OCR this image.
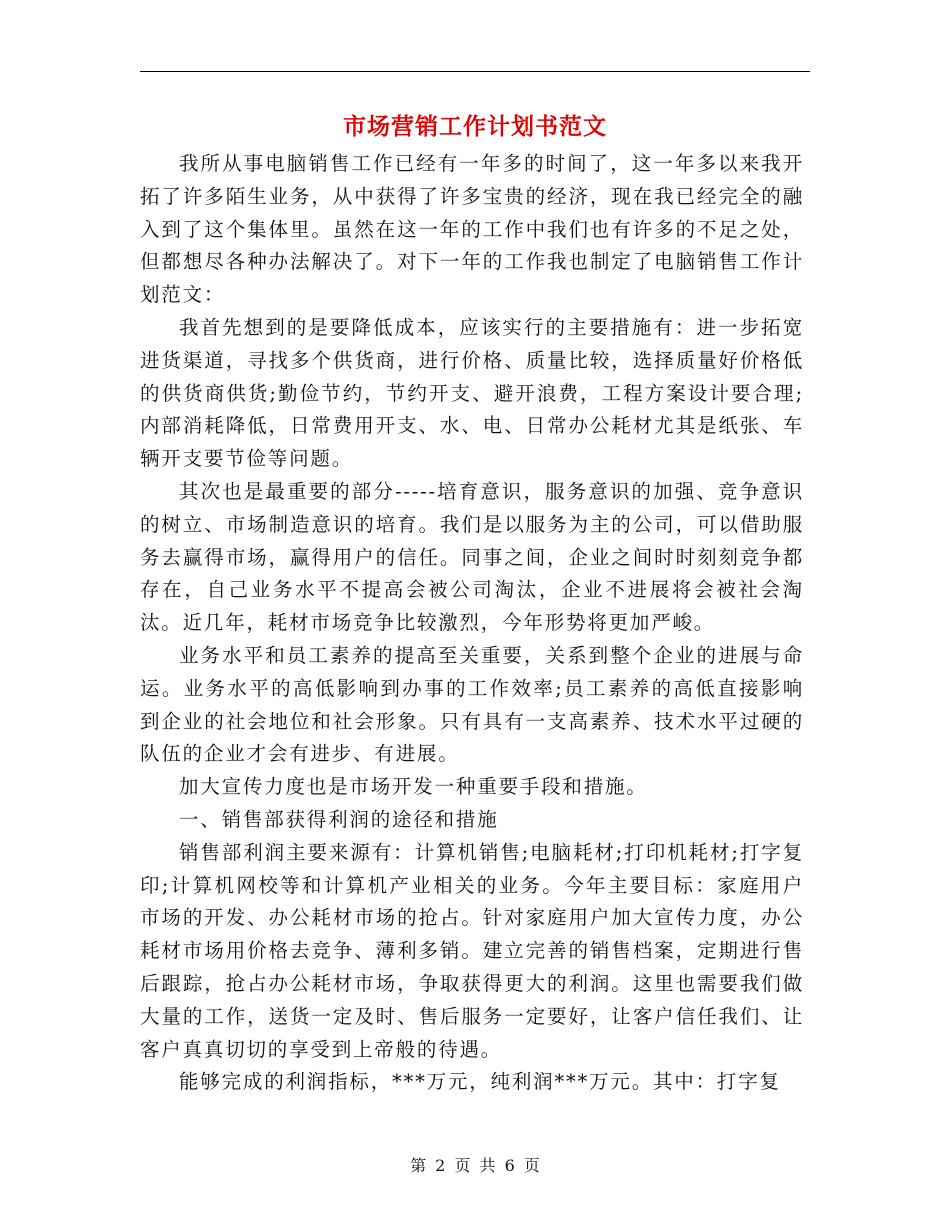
市场营销工作计划书范文

我所从事电脑销售工作已经有一年多的时间了，这一年多以来我开拓了许多陌生业务，从中获得了许多宝贵的经济，现在我已经完全的融入到了这个集体里。虽然在这一年的工作中我们也有许多的不足之处，但都想尽各种办法解决了。对下一年的工作我也制定了电脑销售工作计划范文：

我首先想到的是要降低成本，应该实行的主要措施有：进一步拓宽进货渠道，寻找多个供货商，进行价格、质量比较，选择质量好价格低的供货商供货;勤俭节约，节约开支、避开浪费，工程方案设计要合理;内部消耗降低，日常费用开支、水、电、日常办公耗材尤其是纸张、车辆开支要节俭等问题。

其次也是最重要的部分-----培育意识，服务意识的加强、竞争意识的树立、市场制造意识的培育。我们是以服务为主的公司，可以借助服务去赢得市场，赢得用户的信任。同事之间，企业之间时时刻刻竞争都存在，自己业务水平不提高会被公司淘汰，企业不进展将会被社会淘汰。近几年，耗材市场竞争比较激烈，今年形势将更加严峻。

业务水平和员工素养的提高至关重要，关系到整个企业的进展与命运。业务水平的高低影响到办事的工作效率;员工素养的高低直接影响到企业的社会地位和社会形象。只有具有一支高素养、技术水平过硬的队伍的企业才会有进步、有进展。

加大宣传力度也是市场开发一种重要手段和措施。

一、销售部获得利润的途径和措施

销售部利润主要来源有：计算机销售;电脑耗材;打印机耗材;打字复印;计算机网校等和计算机产业相关的业务。今年主要目标：家庭用户市场的开发、办公耗材市场的抢占。针对家庭用户加大宣传力度，办公耗材市场用价格去竞争、薄利多销。建立完善的销售档案，定期进行售后跟踪，抢占办公耗材市场，争取获得更大的利润。这里也需要我们做大量的工作，送货一定及时、售后服务一定要好，让客户信任我们、让客户真真切切的享受到上帝般的待遇。

能够完成的利润指标，***万元，纯利润***万元。其中：打字复

第 2 页 共 6 页
